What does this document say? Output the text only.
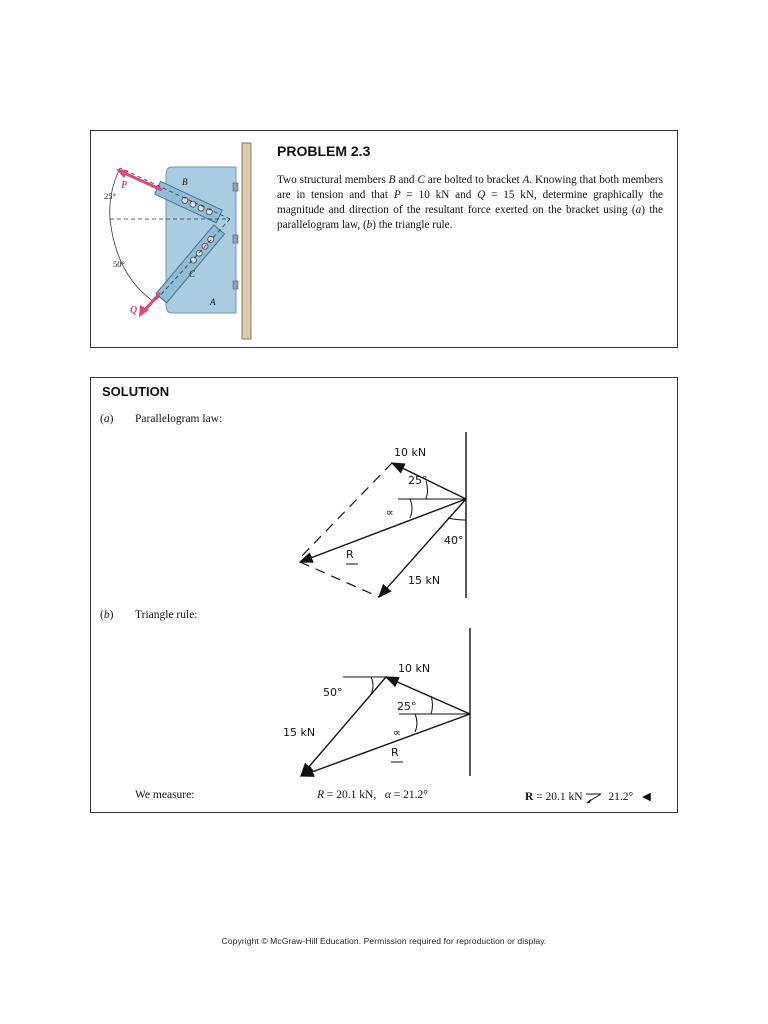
P
Q
B
C
A
25°
50°
PROBLEM 2.3
Two structural members B and C are bolted to bracket A. Knowing that both members are in tension and that P = 10 kN and Q = 15 kN, determine graphically the magnitude and direction of the resultant force exerted on the bracket using (a) the parallelogram law, (b) the triangle rule.
SOLUTION
(a) Parallelogram law:
10 kN
25°
∝
40°
R
15 kN
(b) Triangle rule:
10 kN
50°
25°
15 kN	∝
R
We measure:	R = 20.1 kN, α = 21.2°	R = 20.1 kN 21.2° ◀
Copyright © McGraw-Hill Education. Permission required for reproduction or display.
